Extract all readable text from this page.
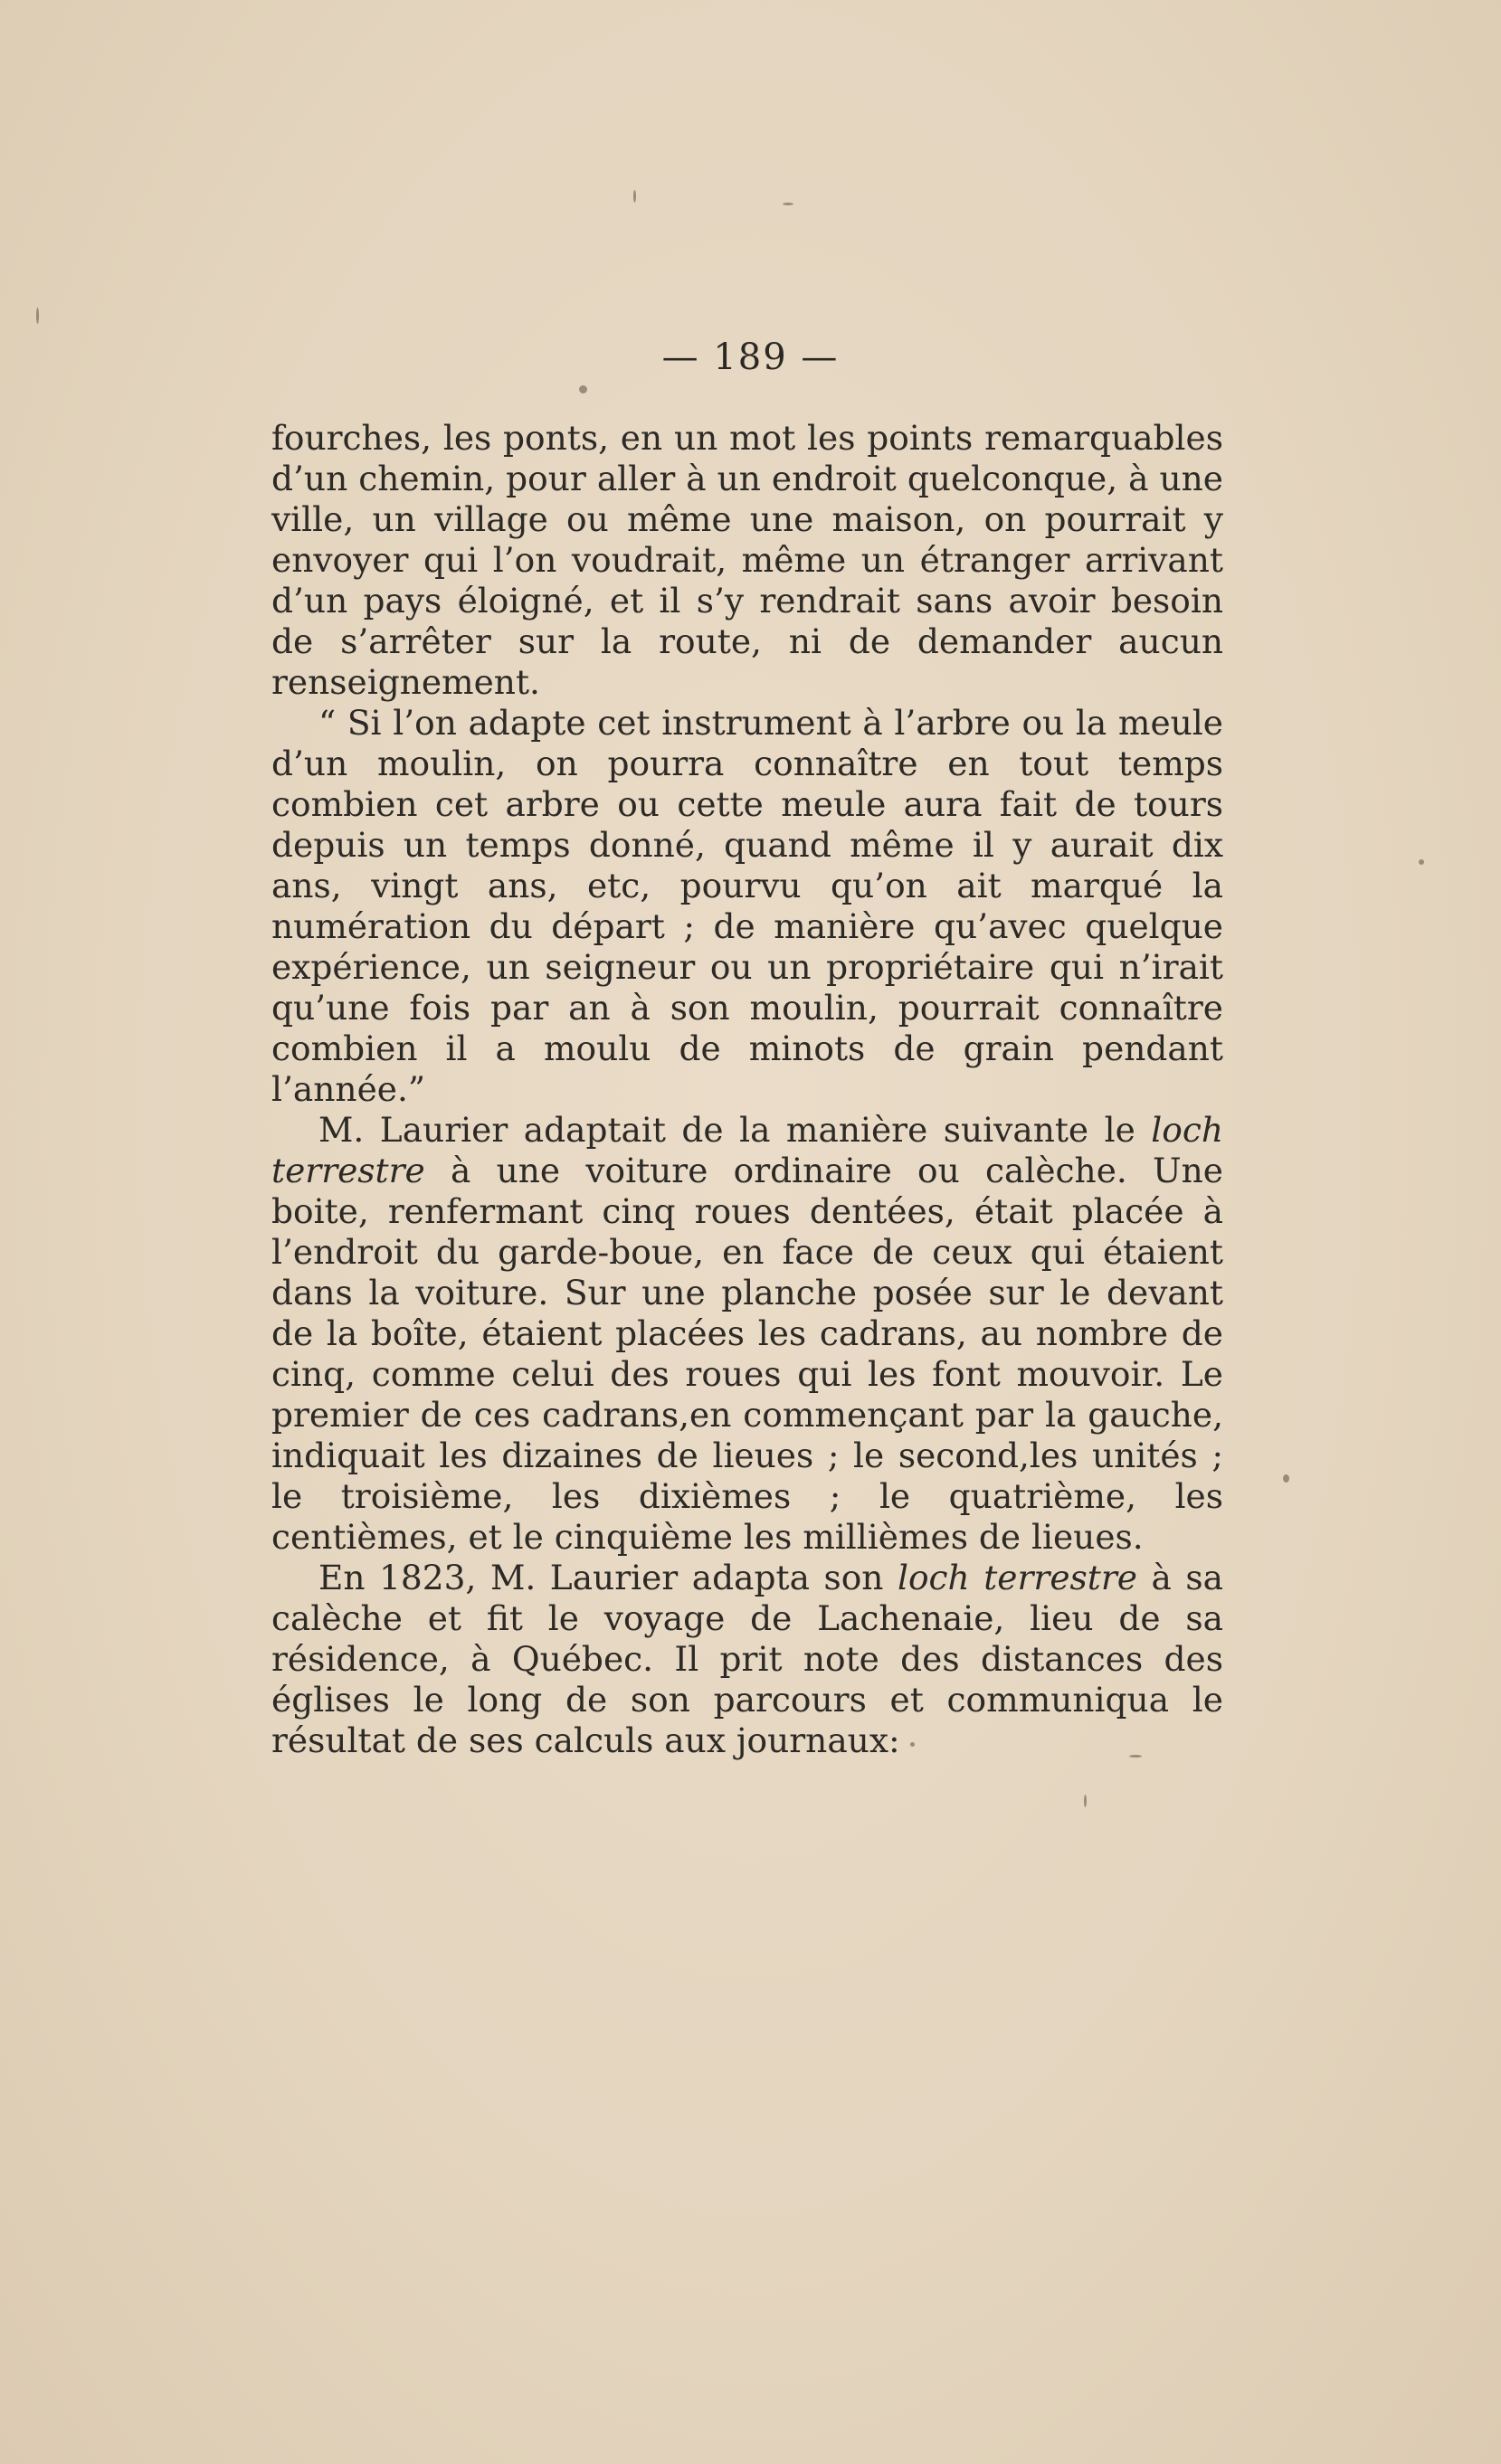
— 189 —

fourches, les ponts, en un mot les points remarquables d’un chemin, pour aller à un endroit quelconque, à une ville, un village ou même une maison, on pourrait y envoyer qui l’on voudrait, même un étranger arrivant d’un pays éloigné, et il s’y rendrait sans avoir besoin de s’arrêter sur la route, ni de demander aucun renseignement.

“ Si l’on adapte cet instrument à l’arbre ou la meule d’un moulin, on pourra connaître en tout temps combien cet arbre ou cette meule aura fait de tours depuis un temps donné, quand même il y aurait dix ans, vingt ans, etc, pourvu qu’on ait marqué la numération du départ ; de manière qu’avec quelque expérience, un seigneur ou un propriétaire qui n’irait qu’une fois par an à son moulin, pourrait connaître combien il a moulu de minots de grain pendant l’année.”

M. Laurier adaptait de la manière suivante le loch terrestre à une voiture ordinaire ou calèche. Une boite, renfermant cinq roues dentées, était placée à l’endroit du garde-boue, en face de ceux qui étaient dans la voiture. Sur une planche posée sur le devant de la boîte, étaient placées les cadrans, au nombre de cinq, comme celui des roues qui les font mouvoir. Le premier de ces cadrans,en commençant par la gauche, indiquait les dizaines de lieues ; le second,les unités ; le troisième, les dixièmes ; le quatrième, les centièmes, et le cinquième les millièmes de lieues.

En 1823, M. Laurier adapta son loch terrestre à sa calèche et fit le voyage de Lachenaie, lieu de sa résidence, à Québec. Il prit note des distances des églises le long de son parcours et communiqua le résultat de ses calculs aux journaux:
